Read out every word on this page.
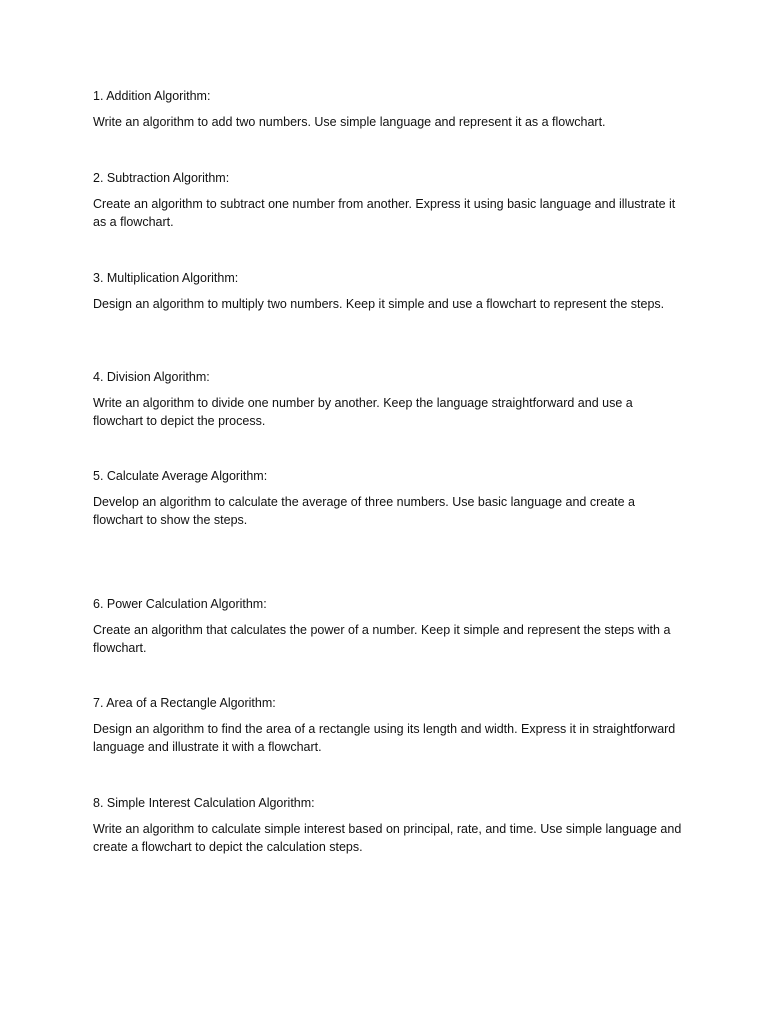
1. Addition Algorithm:

Write an algorithm to add two numbers. Use simple language and represent it as a flowchart.

2. Subtraction Algorithm:

Create an algorithm to subtract one number from another. Express it using basic language and illustrate it as a flowchart.

3. Multiplication Algorithm:

Design an algorithm to multiply two numbers. Keep it simple and use a flowchart to represent the steps.

4. Division Algorithm:

Write an algorithm to divide one number by another. Keep the language straightforward and use a flowchart to depict the process.

5. Calculate Average Algorithm:

Develop an algorithm to calculate the average of three numbers. Use basic language and create a flowchart to show the steps.

6. Power Calculation Algorithm:

Create an algorithm that calculates the power of a number. Keep it simple and represent the steps with a flowchart.

7. Area of a Rectangle Algorithm:

Design an algorithm to find the area of a rectangle using its length and width. Express it in straightforward language and illustrate it with a flowchart.

8. Simple Interest Calculation Algorithm:

Write an algorithm to calculate simple interest based on principal, rate, and time. Use simple language and create a flowchart to depict the calculation steps.
